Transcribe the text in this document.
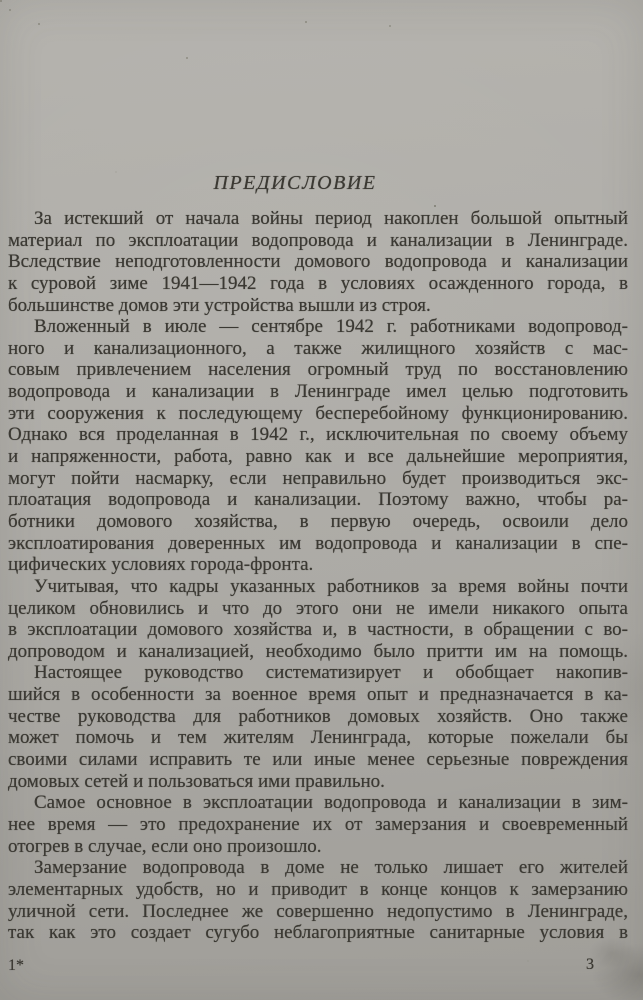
ПРЕДИСЛОВИЕ
За истекший от начала войны период накоплен большой опытный
материал по эксплоатации водопровода и канализации в Ленинграде.
Вследствие неподготовленности домового водопровода и канализации
к суровой зиме 1941—1942 года в условиях осажденного города, в
большинстве домов эти устройства вышли из строя.
Вложенный в июле — сентябре 1942 г. работниками водопровод-
ного и канализационного, а также жилищного хозяйств с мас-
совым привлечением населения огромный труд по восстановлению
водопровода и канализации в Ленинграде имел целью подготовить
эти сооружения к последующему бесперебойному функционированию.
Однако вся проделанная в 1942 г., исключительная по своему объему
и напряженности, работа, равно как и все дальнейшие мероприятия,
могут пойти насмарку, если неправильно будет производиться экс-
плоатация водопровода и канализации. Поэтому важно, чтобы ра-
ботники домового хозяйства, в первую очередь, освоили дело
эксплоатирования доверенных им водопровода и канализации в спе-
цифических условиях города-фронта.
Учитывая, что кадры указанных работников за время войны почти
целиком обновились и что до этого они не имели никакого опыта
в эксплоатации домового хозяйства и, в частности, в обращении с во-
допроводом и канализацией, необходимо было притти им на помощь.
Настоящее руководство систематизирует и обобщает накопив-
шийся в особенности за военное время опыт и предназначается в ка-
честве руководства для работников домовых хозяйств. Оно также
может помочь и тем жителям Ленинграда, которые пожелали бы
своими силами исправить те или иные менее серьезные повреждения
домовых сетей и пользоваться ими правильно.
Самое основное в эксплоатации водопровода и канализации в зим-
нее время — это предохранение их от замерзания и своевременный
отогрев в случае, если оно произошло.
Замерзание водопровода в доме не только лишает его жителей
элементарных удобств, но и приводит в конце концов к замерзанию
уличной сети. Последнее же совершенно недопустимо в Ленинграде,
так как это создает сугубо неблагоприятные санитарные условия в
1*	3
